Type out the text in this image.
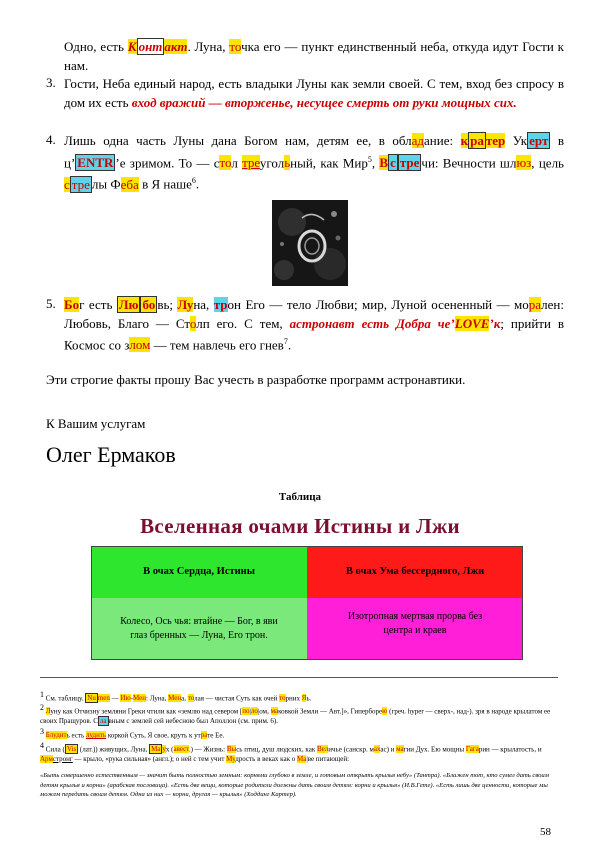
Одно, есть К онт акт. Луна, точка его — пункт единственный неба, откуда идут Гости к нам.
3. Гости, Неба единый народ, есть владыки Луны как земли своей. С тем, вход без спросу в дом их есть вход вражий — вторженье, несущее смерть от руки мощных сих.
4. Лишь одна часть Луны дана Богом нам, детям ее, в обладание: к ра тер Ук ерт в ц’ ENTR ’е зримом. То — стол треугольный, как Мир$^5$, В с тре чи: Вечности шлюз, цель с тре лы Феба в Я наше$^6$.
5. Бог есть Лю бо вь; Луна, трон Его — тело Любви; мир, Луной осененный — морален: Любовь, Благо — Столп его. С тем, астронавт есть Добра че’LOVE’к; прийти в Космос со злом — тем навлечь его гнев$^7$.
Эти строгие факты прошу Вас учесть в разработке программ астронавтики.
К Вашим услугам
Олег Ермаков
Таблица
Вселенная очами Истины и Лжи
В очах Сердца, Истины	В очах Ума бессердного, Лжи
Колесо, Ось чья: втайне — Бог, в яви глаз бренных — Луна, Его трон.
Изотропная мертвая прорва без центра и краев
$^1$ См. таблицу. Nu men — Ию-Мен: Луна, Мена, толая — чистая Суть как очей торних Яь.
$^2$ Луну как Отчизну земляни Греки чтили как «землю над севером [поло|ом, маковкой Земли — Авт.]», Гиперборею (греч. hyper — сверх-, над-). зря в народе крылатом ее своих Пращуров. С ла вным с землей сей небесною был Аполлон (см. прим. 6).
$^3$ Блудить есть лудить коркой Суть, Я свое, круть к утрате Ее.
$^4$ Сила ( Vis (лат.)) живущих, Луна, Ма ух (авест.) — Жизнь: Высь птиц, душ людских, как Величье (санскр. махас) и магии Дух. Ею мощны Гагарин — крылатость, и Армстронг — крыло, «рука сильная» (англ.); о ней с тем учит Мудрость в веках как о Ма|ве питающей:
«Быть совершенно естественным — значит быть полностью земным: корнями глубоко в земле, и готовым открыть крылья небу» (Тантра). «Блажен тот, кто сумел дать своим детям крылья и корни» (арабская пословица). «Есть две вещи, которые родители должны дать своим детям: корни и крылья» (И.В.Гете). «Есть лишь две ценности, которые мы можем передать своим детям. Одна из них — корни, другая — крылья» (Ходдинг Картер).
58
